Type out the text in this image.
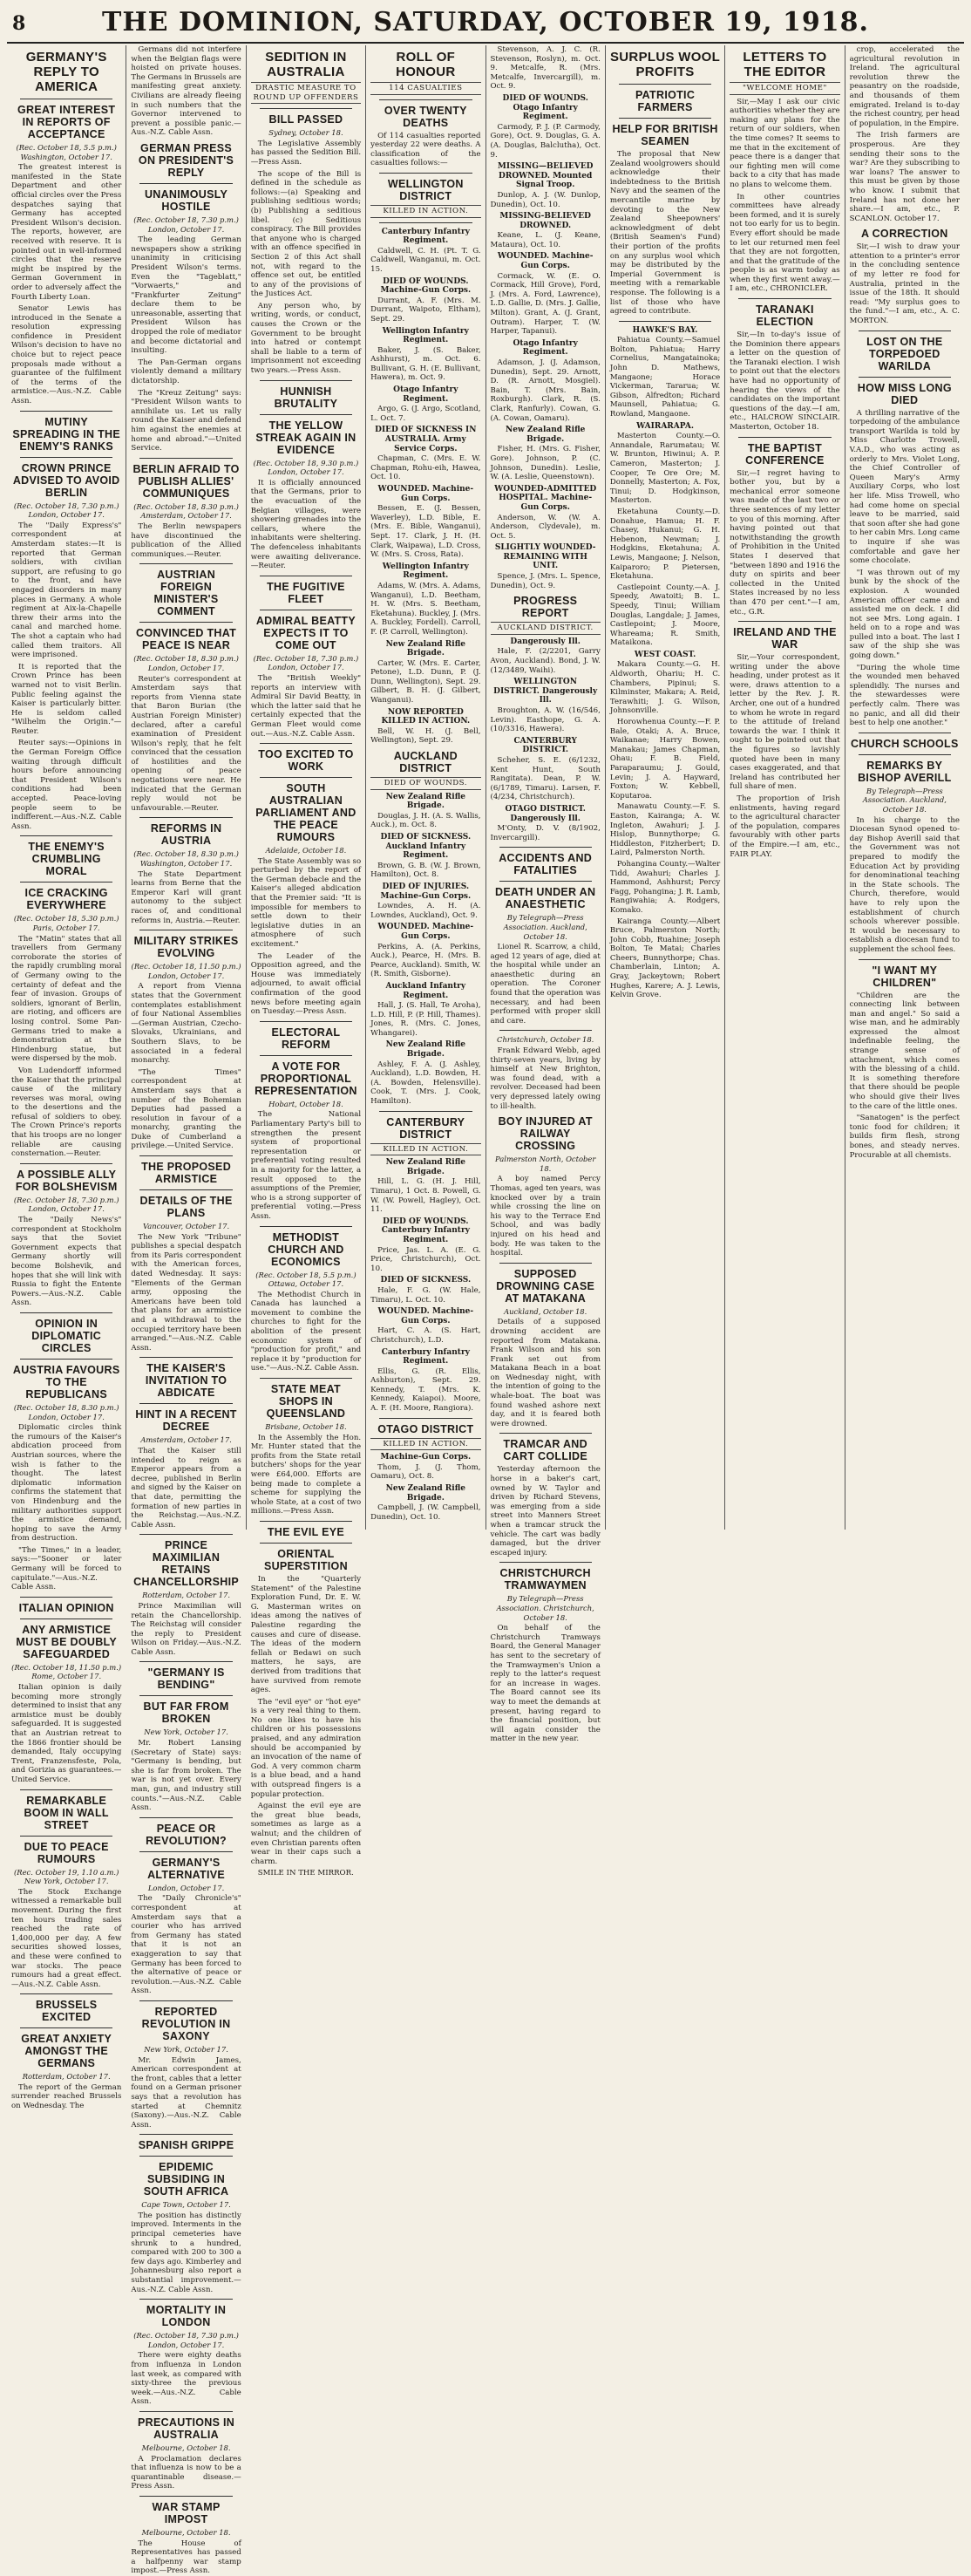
8	THE DOMINION, SATURDAY, OCTOBER 19, 1918.
GERMANY'S REPLY TO AMERICA
GREAT INTEREST IN REPORTS OF ACCEPTANCE
(Rec. October 18, 5.5 p.m.) Washington, October 17.

The greatest interest is manifested in the State Department and other official circles over the Press despatches saying that Germany has accepted President Wilson's decision. The reports, however, are received with reserve. It is pointed out in well-informed circles that the reserve might be inspired by the German Government in order to adversely affect the Fourth Liberty Loan.

Senator Lewis has introduced in the Senate a resolution expressing confidence in President Wilson's decision to have no choice but to reject peace proposals made without a guarantee of the fulfilment of the terms of the armistice.—Aus.-N.Z. Cable Assn.

MUTINY SPREADING IN THE ENEMY'S RANKS
CROWN PRINCE ADVISED TO AVOID BERLIN
(Rec. October 18, 7.30 p.m.) London, October 17.

The "Daily Express's" correspondent at Amsterdam states:—It is reported that German soldiers, with civilian support, are refusing to go to the front, and have engaged disorders in many places in Germany. A whole regiment at Aix-la-Chapelle threw their arms into the canal and marched home. The shot a captain who had called them traitors. All were imprisoned.

It is reported that the Crown Prince has been warned not to visit Berlin. Public feeling against the Kaiser is particularly bitter. He is seldom called "Wilhelm the Origin."—Reuter.

Reuter says:—Opinions in the German Foreign Office waiting through difficult hours before announcing that President Wilson's conditions had been accepted. Peace-loving people seem to be indifferent.—Aus.-N.Z. Cable Assn.

THE ENEMY'S CRUMBLING MORAL
ICE CRACKING EVERYWHERE
(Rec. October 18, 5.30 p.m.) Paris, October 17.

The "Matin" states that all travellers from Germany corroborate the stories of the rapidly crumbling moral of Germany owing to the certainty of defeat and the fear of invasion. Groups of soldiers, ignorant of Berlin, are rioting, and officers are losing control. Some Pan-Germans tried to make a demonstration at the Hindenburg statue, but were dispersed by the mob.

Von Ludendorff informed the Kaiser that the principal cause of the military reverses was moral, owing to the desertions and the refusal of soldiers to obey. The Crown Prince's reports that his troops are no longer reliable are causing consternation.—Reuter.

A POSSIBLE ALLY FOR BOLSHEVISM
(Rec. October 18, 7.30 p.m.) London, October 17.

The "Daily News's" correspondent at Stockholm says that the Soviet Government expects that Germany shortly will become Bolshevik, and hopes that she will link with Russia to fight the Entente Powers.—Aus.-N.Z. Cable Assn.

OPINION IN DIPLOMATIC CIRCLES
AUSTRIA FAVOURS TO THE REPUBLICANS
(Rec. October 18, 8.30 p.m.) London, October 17.

Diplomatic circles think the rumours of the Kaiser's abdication proceed from Austrian sources, where the wish is father to the thought. The latest diplomatic information confirms the statement that von Hindenburg and the military authorities support the armistice demand, hoping to save the Army from destruction.

"The Times," in a leader, says:—"Sooner or later Germany will be forced to capitulate."—Aus.-N.Z. Cable Assn.

ITALIAN OPINION
ANY ARMISTICE MUST BE DOUBLY SAFEGUARDED
(Rec. October 18, 11.50 p.m.) Rome, October 17.

Italian opinion is daily becoming more strongly determined to insist that any armistice must be doubly safeguarded. It is suggested that an Austrian retreat to the 1866 frontier should be demanded, Italy occupying Trent, Franzensfeste, Pola, and Gorizia as guarantees.—United Service.

REMARKABLE BOOM IN WALL STREET
DUE TO PEACE RUMOURS
(Rec. October 19, 1.10 a.m.) New York, October 17.

The Stock Exchange witnessed a remarkable bull movement. During the first ten hours trading sales reached the rate of 1,400,000 per day. A few securities showed losses, and these were confined to war stocks. The peace rumours had a great effect.—Aus.-N.Z. Cable Assn.

BRUSSELS EXCITED
GREAT ANXIETY AMONGST THE GERMANS
Rotterdam, October 17.

The report of the German surrender reached Brussels on Wednesday. The

Germans did not interfere when the Belgian flags were hoisted on private houses. The Germans in Brussels are manifesting great anxiety. Civilians are already fleeing in such numbers that the Governor intervened to prevent a possible panic.—Aus.-N.Z. Cable Assn.

GERMAN PRESS ON PRESIDENT'S REPLY
UNANIMOUSLY HOSTILE
(Rec. October 18, 7.30 p.m.) London, October 17.

The leading German newspapers show a striking unanimity in criticising President Wilson's terms. Even the "Tageblatt," "Vorwaerts," and "Frankfurter Zeitung" declare them to be unreasonable, asserting that President Wilson has dropped the role of mediator and become dictatorial and insulting.

The Pan-German organs violently demand a military dictatorship.

The "Kreuz Zeitung" says: "President Wilson wants to annihilate us. Let us rally round the Kaiser and defend him against the enemies at home and abroad."—United Service.

BERLIN AFRAID TO PUBLISH ALLIES' COMMUNIQUES
(Rec. October 18, 8.30 p.m.) Amsterdam, October 17.

The Berlin newspapers have discontinued the publication of the Allied communiques.—Reuter.

AUSTRIAN FOREIGN MINISTER'S COMMENT
CONVINCED THAT PEACE IS NEAR
(Rec. October 18, 8.30 p.m.) London, October 17.

Reuter's correspondent at Amsterdam says that reports from Vienna state that Baron Burian (the Austrian Foreign Minister) declared, after a careful examination of President Wilson's reply, that he felt convinced that the cessation of hostilities and the opening of peace negotiations were near. He indicated that the German reply would not be unfavourable.—Reuter.

REFORMS IN AUSTRIA
(Rec. October 18, 8.30 p.m.) Washington, October 17.

The State Department learns from Berne that the Emperor Karl will grant autonomy to the subject races of, and conditional reforms in, Austria.—Reuter.

MILITARY STRIKES EVOLVING
(Rec. October 18, 11.50 p.m.) London, October 17.

A report from Vienna states that the Government contemplates establishment of four National Assemblies—German Austrian, Czecho-Slovaks, Ukrainians, and Southern Slavs, to be associated in a federal monarchy.

"The Times" correspondent at Amsterdam says that a number of the Bohemian Deputies had passed a resolution in favour of a monarchy, granting the Duke of Cumberland a privilege.—United Service.

THE PROPOSED ARMISTICE
DETAILS OF THE PLANS
Vancouver, October 17.

The New York "Tribune" publishes a special despatch from its Paris correspondent with the American forces, dated Wednesday. It says: "Elements of the German army, opposing the Americans have been told that plans for an armistice and a withdrawal to the occupied territory have been arranged."—Aus.-N.Z. Cable Assn.

THE KAISER'S INVITATION TO ABDICATE
HINT IN A RECENT DECREE
Amsterdam, October 17.

That the Kaiser still intended to reign as Emperor appears from a decree, published in Berlin and signed by the Kaiser on that date, permitting the formation of new parties in the Reichstag.—Aus.-N.Z. Cable Assn.

PRINCE MAXIMILIAN RETAINS CHANCELLORSHIP
Rotterdam, October 17.

Prince Maximilian will retain the Chancellorship. The Reichstag will consider the reply to President Wilson on Friday.—Aus.-N.Z. Cable Assn.

"GERMANY IS BENDING"
BUT FAR FROM BROKEN
New York, October 17.

Mr. Robert Lansing (Secretary of State) says: "Germany is bending, but she is far from broken. The war is not yet over. Every man, gun, and industry still counts."—Aus.-N.Z. Cable Assn.

PEACE OR REVOLUTION?
GERMANY'S ALTERNATIVE
London, October 17.

The "Daily Chronicle's" correspondent at Amsterdam says that a courier who has arrived from Germany has stated that it is not an exaggeration to say that Germany has been forced to the alternative of peace or revolution.—Aus.-N.Z. Cable Assn.

REPORTED REVOLUTION IN SAXONY
New York, October 17.

Mr. Edwin James, American correspondent at the front, cables that a letter found on a German prisoner says that a revolution has started at Chemnitz (Saxony).—Aus.-N.Z. Cable Assn.

SPANISH GRIPPE
EPIDEMIC SUBSIDING IN SOUTH AFRICA
Cape Town, October 17.

The position has distinctly improved. Interments in the principal cemeteries have shrunk to a hundred, compared with 200 to 300 a few days ago. Kimberley and Johannesburg also report a substantial improvement.—Aus.-N.Z. Cable Assn.

MORTALITY IN LONDON
(Rec. October 18, 7.30 p.m.) London, October 17.

There were eighty deaths from influenza in London last week, as compared with sixty-three the previous week.—Aus.-N.Z. Cable Assn.

PRECAUTIONS IN AUSTRALIA
Melbourne, October 18.

A Proclamation declares that influenza is now to be a quarantinable disease.—Press Assn.

WAR STAMP IMPOST
Melbourne, October 18.

The House of Representatives has passed a halfpenny war stamp impost.—Press Assn.

SEDITION IN AUSTRALIA
DRASTIC MEASURE TO ROUND UP OFFENDERS
BILL PASSED
Sydney, October 18.

The Legislative Assembly has passed the Sedition Bill.—Press Assn.

The scope of the Bill is defined in the schedule as follows:—(a) Speaking and publishing seditious words; (b) Publishing a seditious libel. (c) Seditious conspiracy. The Bill provides that anyone who is charged with an offence specified in Section 2 of this Act shall not, with regard to the offence set out, be entitled to any of the provisions of the Justices Act.

Any person who, by writing, words, or conduct, causes the Crown or the Government to be brought into hatred or contempt shall be liable to a term of imprisonment not exceeding two years.—Press Assn.

HUNNISH BRUTALITY
THE YELLOW STREAK AGAIN IN EVIDENCE
(Rec. October 18, 9.30 p.m.) London, October 17.

It is officially announced that the Germans, prior to the evacuation of the Belgian villages, were showering grenades into the cellars, where the inhabitants were sheltering. The defenceless inhabitants were awaiting deliverance.—Reuter.

THE FUGITIVE FLEET
ADMIRAL BEATTY EXPECTS IT TO COME OUT
(Rec. October 18, 7.30 p.m.) London, October 17.

The "British Weekly" reports an interview with Admiral Sir David Beatty, in which the latter said that he certainly expected that the German Fleet would come out.—Aus.-N.Z. Cable Assn.

TOO EXCITED TO WORK
SOUTH AUSTRALIAN PARLIAMENT AND THE PEACE RUMOURS
Adelaide, October 18.

The State Assembly was so perturbed by the report of the German debacle and the Kaiser's alleged abdication that the Premier said: "It is impossible for members to settle down to their legislative duties in an atmosphere of such excitement."

The Leader of the Opposition agreed, and the House was immediately adjourned, to await official confirmation of the good news before meeting again on Tuesday.—Press Assn.

ELECTORAL REFORM
A VOTE FOR PROPORTIONAL REPRESENTATION
Hobart, October 18.

The National Parliamentary Party's bill to strengthen the present system of proportional representation or preferential voting resulted in a majority for the latter, a result opposed to the assumptions of the Premier, who is a strong supporter of preferential voting.—Press Assn.

METHODIST CHURCH AND ECONOMICS
(Rec. October 18, 5.5 p.m.) Ottawa, October 17.

The Methodist Church in Canada has launched a movement to combine the churches to fight for the abolition of the present economic system of "production for profit," and replace it by "production for use."—Aus.-N.Z. Cable Assn.

STATE MEAT SHOPS IN QUEENSLAND
Brisbane, October 18.

In the Assembly the Hon. Mr. Hunter stated that the profits from the State retail butchers' shops for the year were £64,000. Efforts are being made to complete a scheme for supplying the whole State, at a cost of two millions.—Press Assn.

THE EVIL EYE
ORIENTAL SUPERSTITION

In the "Quarterly Statement" of the Palestine Exploration Fund, Dr. E. W. G. Masterman writes on ideas among the natives of Palestine regarding the causes and cure of disease. The ideas of the modern fellah or Bedawi on such matters, he says, are derived from traditions that have survived from remote ages.

The "evil eye" or "hot eye" is a very real thing to them. No one likes to have his children or his possessions praised, and any admiration should be accompanied by an invocation of the name of God. A very common charm is a blue bead, and a hand with outspread fingers is a popular protection.

Against the evil eye are the great blue beads, sometimes as large as a walnut; and the children of even Christian parents often wear in their caps such a charm.

SMILE IN THE MIRROR.

ROLL OF HONOUR
114 CASUALTIES
OVER TWENTY DEATHS

Of 114 casualties reported yesterday 22 were deaths. A classification of the casualties follows:—

WELLINGTON DISTRICT
KILLED IN ACTION.
Canterbury Infantry Regiment.

Caldwell, C. H. (Pt. T. G. Caldwell, Wanganui, m. Oct. 15.

DIED OF WOUNDS. Machine-Gun Corps.

Durrant, A. F. (Mrs. M. Durrant, Waipoto, Eltham), Sept. 29.

Wellington Infantry Regiment.

Baker, J. (S. Baker, Ashhurst), m. Oct. 6. Bullivant, G. H. (E. Bullivant, Hawera), m. Oct. 9.

Otago Infantry Regiment.

Argo, G. (J. Argo, Scotland, L. Oct. 7.

DIED OF SICKNESS IN AUSTRALIA. Army Service Corps.

Chapman, C. (Mrs. E. W. Chapman, Rohu-eih, Hawea, Oct. 10.

WOUNDED. Machine-Gun Corps.

Bessen, E. (J. Bessen, Waverley), L.D. Bible, E. (Mrs. E. Bible, Wanganui), Sept. 17. Clark, J. H. (H. Clark, Waipawa), L.D. Cross, W. (Mrs. S. Cross, Rata).

Wellington Infantry Regiment.

Adams, W. (Mrs. A. Adams, Wanganui), L.D. Beetham, H. W. (Mrs. S. Beetham, Eketahuna). Buckley, J. (Mrs. A. Buckley, Fordell). Carroll, F. (P. Carroll, Wellington).

New Zealand Rifle Brigade.

Carter, W. (Mrs. E. Carter, Petone), L.D. Dunn, P. (J. Dunn, Wellington), Sept. 29. Gilbert, B. H. (J. Gilbert, Wanganui).

NOW REPORTED KILLED IN ACTION.

Bell, W. H. (J. Bell, Wellington), Sept. 29.

AUCKLAND DISTRICT
DIED OF WOUNDS.
New Zealand Rifle Brigade.

Douglas, J. H. (A. S. Wallis, Auck.), m. Oct. 8.

DIED OF SICKNESS. Auckland Infantry Regiment.

Brown, G. B. (W. J. Brown, Hamilton), Oct. 8.

DIED OF INJURIES. Machine-Gun Corps.

Lowndes, A. H. (A. Lowndes, Auckland), Oct. 9.

WOUNDED. Machine-Gun Corps.

Perkins, A. (A. Perkins, Auck.), Pearce, H. (Mrs. B. Pearce, Auckland). Smith, W. (R. Smith, Gisborne).

Auckland Infantry Regiment.

Hall, J. (S. Hall, Te Aroha), L.D. Hill, P. (P. Hill, Thames). Jones, R. (Mrs. C. Jones, Whangarei).

New Zealand Rifle Brigade.

Ashley, F. A. (J. Ashley, Auckland), L.D. Bowden, H. (A. Bowden, Helensville). Cook, T. (Mrs. J. Cook, Hamilton).

CANTERBURY DISTRICT
KILLED IN ACTION.
New Zealand Rifle Brigade.

Hill, L. G. (H. J. Hill, Timaru), 1 Oct. 8. Powell, G. W. (W. Powell, Hagley), Oct. 11.

DIED OF WOUNDS. Canterbury Infantry Regiment.

Price, Jas. L. A. (E. G. Price, Christchurch), Oct. 10.

DIED OF SICKNESS.

Hale, F. G. (W. Hale, Timaru), L. Oct. 10.

WOUNDED. Machine-Gun Corps.

Hart, C. A. (S. Hart, Christchurch), L.D.

Canterbury Infantry Regiment.

Ellis, G. (R. Ellis, Ashburton), Sept. 29. Kennedy, T. (Mrs. K. Kennedy, Kaiapoi). Moore, A. F. (H. Moore, Rangiora).

OTAGO DISTRICT
KILLED IN ACTION.
Machine-Gun Corps.

Thom, J. (J. Thom, Oamaru), Oct. 8.

New Zealand Rifle Brigade.

Campbell, J. (W. Campbell, Dunedin), Oct. 10.

Stevenson, A. J. C. (R. Stevenson, Roslyn), m. Oct. 9. Metcalfe, R. (Mrs. Metcalfe, Invercargill), m. Oct. 9.

DIED OF WOUNDS. Otago Infantry Regiment.

Carmody, P. J. (P. Carmody, Gore), Oct. 9. Douglas, G. A. (A. Douglas, Balclutha), Oct. 9.

MISSING—BELIEVED DROWNED. Mounted Signal Troop.

Dunlop, A. J. (W. Dunlop, Dunedin), Oct. 10.

MISSING-BELIEVED DROWNED.

Keane, L. (J. Keane, Mataura), Oct. 10.

WOUNDED. Machine-Gun Corps.

Cormack, W. (E. O. Cormack, Hill Grove), Ford, J. (Mrs. A. Ford, Lawrence), L.D. Gallie, D. (Mrs. J. Gallie, Milton). Grant, A. (J. Grant, Outram). Harper, T. (W. Harper, Tapanui).

Otago Infantry Regiment.

Adamson, J. (J. Adamson, Dunedin), Sept. 29. Arnott, D. (R. Arnott, Mosgiel). Bain, T. (Mrs. Bain, Roxburgh). Clark, R. (S. Clark, Ranfurly). Cowan, G. (A. Cowan, Oamaru).

New Zealand Rifle Brigade.

Fisher, H. (Mrs. G. Fisher, Gore). Johnson, P. (C. Johnson, Dunedin). Leslie, W. (A. Leslie, Queenstown).

WOUNDED-ADMITTED HOSPITAL. Machine-Gun Corps.

Anderson, W. (W. A. Anderson, Clydevale), m. Oct. 5.

SLIGHTLY WOUNDED-REMAINING WITH UNIT.

Spence, J. (Mrs. L. Spence, Dunedin), Oct. 9.

PROGRESS REPORT
AUCKLAND DISTRICT.
Dangerously Ill.

Hale, F. (2/2201, Garry Avon, Auckland). Bond, J. W. (12/3489, Waihi).

WELLINGTON DISTRICT. Dangerously Ill.

Broughton, A. W. (16/546, Levin). Easthope, G. A. (10/3316, Hawera).

CANTERBURY DISTRICT.

Scheher, S. E. (6/1232, Kent Hunt, South Rangitata). Dean, P. W. (6/1789, Timaru). Larsen, F. (4/234, Christchurch).

OTAGO DISTRICT. Dangerously Ill.

M'Onty, D. V. (8/1902, Invercargill).

ACCIDENTS AND FATALITIES
DEATH UNDER AN ANAESTHETIC
By Telegraph—Press Association. Auckland, October 18.

Lionel R. Scarrow, a child, aged 12 years of age, died at the hospital while under an anaesthetic during an operation. The Coroner found that the operation was necessary, and had been performed with proper skill and care.

Christchurch, October 18.

Frank Edward Webb, aged thirty-seven years, living by himself at New Brighton, was found dead, with a revolver. Deceased had been very depressed lately owing to ill-health.

BOY INJURED AT RAILWAY CROSSING
Palmerston North, October 18.

A boy named Percy Thomas, aged ten years, was knocked over by a train while crossing the line on his way to the Terrace End School, and was badly injured on his head and body. He was taken to the hospital.

SUPPOSED DROWNING CASE AT MATAKANA
Auckland, October 18.

Details of a supposed drowning accident are reported from Matakana. Frank Wilson and his son Frank set out from Matakana Beach in a boat on Wednesday night, with the intention of going to the whale-boat. The boat was found washed ashore next day, and it is feared both were drowned.

TRAMCAR AND CART COLLIDE

Yesterday afternoon the horse in a baker's cart, owned by W. Taylor and driven by Richard Stevens, was emerging from a side street into Manners Street when a tramcar struck the vehicle. The cart was badly damaged, but the driver escaped injury.

CHRISTCHURCH TRAMWAYMEN
By Telegraph—Press Association. Christchurch, October 18.

On behalf of the Christchurch Tramways Board, the General Manager has sent to the secretary of the Tramwaymen's Union a reply to the latter's request for an increase in wages. The Board cannot see its way to meet the demands at present, having regard to the financial position, but will again consider the matter in the new year.

SURPLUS WOOL PROFITS
PATRIOTIC FARMERS
HELP FOR BRITISH SEAMEN

The proposal that New Zealand woolgrowers should acknowledge their indebtedness to the British Navy and the seamen of the mercantile marine by devoting to the New Zealand Sheepowners' acknowledgment of debt (British Seamen's Fund) their portion of the profits on any surplus wool which may be distributed by the Imperial Government is meeting with a remarkable response. The following is a list of those who have agreed to contribute.

HAWKE'S BAY.

Pahiatua County.—Samuel Bolton, Pahiatua; Harry Cornelius, Mangatainoka; John D. Mathews, Mangaone; Horace Vickerman, Tararua; W. Gibson, Alfredton; Richard Maunsell, Pahiatua; G. Rowland, Mangaone.

WAIRARAPA.

Masterton County.—O. Annandale, Rarumatau; W. W. Brunton, Hiwinui; A. P. Cameron, Masterton; J. Cooper, Te Ore Ore; M. Donnelly, Masterton; A. Fox, Tinui; D. Hodgkinson, Masterton.

Eketahuna County.—D. Donahue, Hamua; H. F. Chasey, Hukanui; G. H. Hebenon, Newman; J. Hodgkins, Eketahuna; A. Lewis, Mangaone; J. Nelson, Kaiparoro; P. Pietersen, Eketahuna.

Castlepoint County.—A. J. Speedy, Awatoiti; B. L. Speedy, Tinui; William Douglas, Langdale; J. James, Castlepoint; J. Moore, Whareama; R. Smith, Mataikona.

WEST COAST.

Makara County.—G. H. Aldworth, Ohariu; H. C. Chambers, Pipinui; S. Kilminster, Makara; A. Reid, Terawhiti; J. G. Wilson, Johnsonville.

Horowhenua County.—F. P. Bale, Otaki; A. A. Bruce, Waikanae; Harry Bowen, Manakau; James Chapman, Ohau; F. B. Field, Paraparaumu; J. Gould, Levin; J. A. Hayward, Foxton; W. Kebbell, Koputaroa.

Manawatu County.—F. S. Easton, Kairanga; A. W. Ingleton, Awahuri; J. J. Hislop, Bunnythorpe; G. Hiddleston, Fitzherbert; D. Laird, Palmerston North.

Pohangina County.—Walter Tidd, Awahuri; Charles J. Hammond, Ashhurst; Percy Fagg, Pohangina; J. R. Lamb, Rangiwahia; A. Rodgers, Komako.

Kairanga County.—Albert Bruce, Palmerston North; John Cobb, Ruahine; Joseph Bolton, Te Matai; Charles Cheers, Bunnythorpe; Chas. Chamberlain, Linton; A. Gray, Jackeytown; Robert Hughes, Karere; A. J. Lewis, Kelvin Grove.

LETTERS TO THE EDITOR
"WELCOME HOME"

Sir,—May I ask our civic authorities whether they are making any plans for the return of our soldiers, when the time comes? It seems to me that in the excitement of peace there is a danger that our fighting men will come back to a city that has made no plans to welcome them.

In other countries committees have already been formed, and it is surely not too early for us to begin. Every effort should be made to let our returned men feel that they are not forgotten, and that the gratitude of the people is as warm today as when they first went away.—I am, etc., CHRONICLER.

TARANAKI ELECTION

Sir,—In to-day's issue of the Dominion there appears a letter on the question of the Taranaki election. I wish to point out that the electors have had no opportunity of hearing the views of the candidates on the important questions of the day.—I am, etc., HALCROW SINCLAIR. Masterton, October 18.

THE BAPTIST CONFERENCE

Sir,—I regret having to bother you, but by a mechanical error someone was made of the last two or three sentences of my letter to you of this morning. After having pointed out that notwithstanding the growth of Prohibition in the United States I deserved that "between 1890 and 1916 the duty on spirits and beer collected in the United States increased by no less than 470 per cent."—I am, etc., G.R.

IRELAND AND THE WAR

Sir,—Your correspondent, writing under the above heading, under protest as it were, draws attention to a letter by the Rev. J. R. Archer, one out of a hundred to whom he wrote in regard to the attitude of Ireland towards the war. I think it ought to be pointed out that the figures so lavishly quoted have been in many cases exaggerated, and that Ireland has contributed her full share of men.

The proportion of Irish enlistments, having regard to the agricultural character of the population, compares favourably with other parts of the Empire.—I am, etc., FAIR PLAY.

crop, accelerated the agricultural revolution in Ireland. The agricultural revolution threw the peasantry on the roadside, and thousands of them emigrated. Ireland is to-day the richest country, per head of population, in the Empire.

The Irish farmers are prosperous. Are they sending their sons to the war? Are they subscribing to war loans? The answer to this must be given by those who know. I submit that Ireland has not done her share.—I am, etc., P. SCANLON. October 17.

A CORRECTION

Sir,—I wish to draw your attention to a printer's error in the concluding sentence of my letter re food for Australia, printed in the issue of the 18th. It should read: "My surplus goes to the fund."—I am, etc., A. C. MORTON.

LOST ON THE TORPEDOED WARILDA
HOW MISS LONG DIED

A thrilling narrative of the torpedoing of the ambulance transport Warilda is told by Miss Charlotte Trowell, V.A.D., who was acting as orderly to Mrs. Violet Long, the Chief Controller of Queen Mary's Army Auxiliary Corps, who lost her life. Miss Trowell, who had come home on special leave to be married, said that soon after she had gone to her cabin Mrs. Long came to inquire if she was comfortable and gave her some chocolate.

"I was thrown out of my bunk by the shock of the explosion. A wounded American officer came and assisted me on deck. I did not see Mrs. Long again. I held on to a rope and was pulled into a boat. The last I saw of the ship she was going down."

"During the whole time the wounded men behaved splendidly. The nurses and the stewardesses were perfectly calm. There was no panic, and all did their best to help one another."

CHURCH SCHOOLS
REMARKS BY BISHOP AVERILL
By Telegraph—Press Association. Auckland, October 18.

In his charge to the Diocesan Synod opened to-day Bishop Averill said that the Government was not prepared to modify the Education Act by providing for denominational teaching in the State schools. The Church, therefore, would have to rely upon the establishment of church schools wherever possible. It would be necessary to establish a diocesan fund to supplement the school fees.

"I WANT MY CHILDREN"

"Children are the connecting link between man and angel." So said a wise man, and he admirably expressed the almost indefinable feeling, the strange sense of attachment, which comes with the blessing of a child. It is something therefore that there should be people who should give their lives to the care of the little ones.

"Sanatogen" is the perfect tonic food for children; it builds firm flesh, strong bones, and steady nerves. Procurable at all chemists.
